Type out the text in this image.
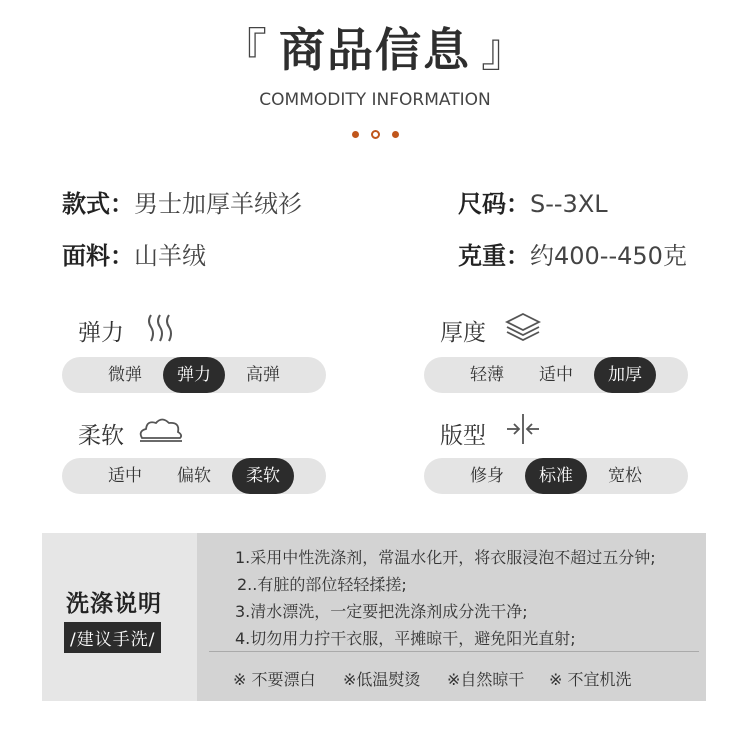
『 商品信息 』
COMMODITY INFORMATION
款式：男士加厚羊绒衫	尺码：S--3XL
面料：山羊绒	克重：约400--450克
弹力
微弹	弹力	高弹
厚度
轻薄	适中	加厚
柔软
适中	偏软	柔软
版型
修身	标准	宽松
洗涤说明
/建议手洗/
1.采用中性洗涤剂，常温水化开，将衣服浸泡不超过五分钟;
2..有脏的部位轻轻揉搓;
3.清水漂洗，一定要把洗涤剂成分洗干净;
4.切勿用力拧干衣服，平摊晾干，避免阳光直射;
※ 不要漂白 ※低温熨烫 ※自然晾干 ※ 不宜机洗
